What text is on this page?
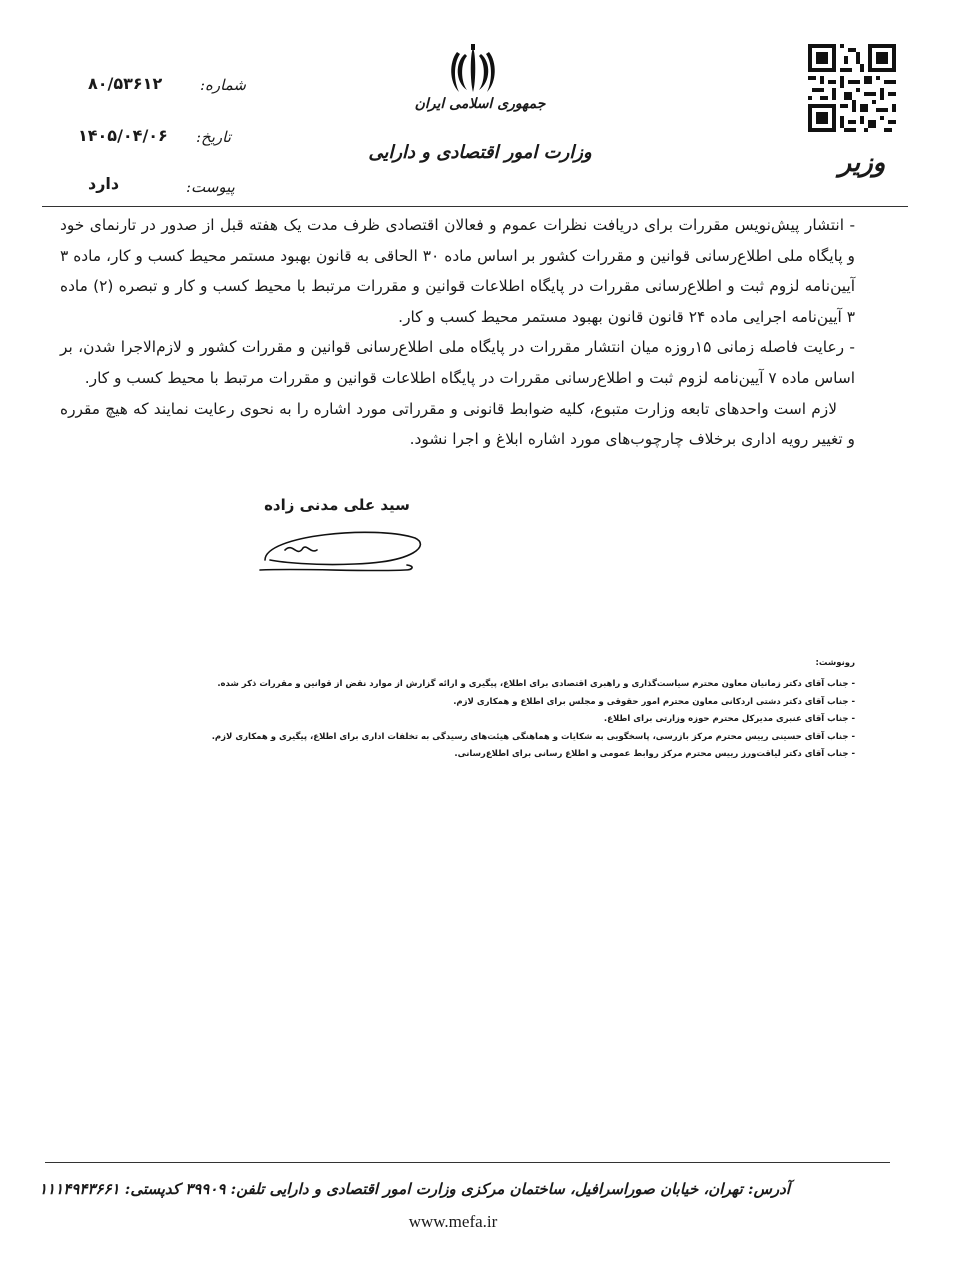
شماره:
۸۰/۵۳۶۱۲
تاریخ:
۱۴۰۵/۰۴/۰۶
پیوست:
دارد
جمهوری اسلامی ایران
وزارت امور اقتصادی و دارایی	وزیر

- انتشار پیش‌نویس مقررات برای دریافت نظرات عموم و فعالان اقتصادی ظرف مدت یک هفته قبل از صدور در تارنمای خود و پایگاه ملی اطلاع‌رسانی قوانین و مقررات کشور بر اساس ماده ۳۰ الحاقی به قانون بهبود مستمر محیط کسب و کار، ماده ۳ آیین‌نامه لزوم ثبت و اطلاع‌رسانی مقررات در پایگاه اطلاعات قوانین و مقررات مرتبط با محیط کسب و کار و تبصره (۲) ماده ۳ آیین‌نامه اجرایی ماده ۲۴ قانون قانون بهبود مستمر محیط کسب و کار.

- رعایت فاصله زمانی ۱۵روزه میان انتشار مقررات در پایگاه ملی اطلاع‌رسانی قوانین و مقررات کشور و لازم‌الاجرا شدن، بر اساس ماده ۷ آیین‌نامه لزوم ثبت و اطلاع‌رسانی مقررات در پایگاه اطلاعات قوانین و مقررات مرتبط با محیط کسب و کار.

لازم است واحدهای تابعه وزارت متبوع، کلیه ضوابط قانونی و مقرراتی مورد اشاره را به نحوی رعایت نمایند که هیچ مقرره و تغییر رویه اداری برخلاف چارچوب‌های مورد اشاره ابلاغ و اجرا نشود.

سید علی مدنی زاده
رونوشت:
- جناب آقای دکتر زمانیان معاون محترم سیاست‌گذاری و راهبری اقتصادی برای اطلاع، پیگیری و ارائه گزارش از موارد نقض از قوانین و مقررات ذکر شده.
- جناب آقای دکتر دشتی اردکانی معاون محترم امور حقوقی و مجلس برای اطلاع و همکاری لازم.
- جناب آقای عنبری مدیرکل محترم حوزه وزارتی برای اطلاع.
- جناب آقای حسینی رییس محترم مرکز بازرسی، پاسخگویی به شکایات و هماهنگی هیئت‌های رسیدگی به تخلفات اداری برای اطلاع، پیگیری و همکاری لازم.
- جناب آقای دکتر لیاقت‌ورز رییس محترم مرکز روابط عمومی و اطلاع رسانی برای اطلاع‌رسانی.
آدرس: تهران، خیابان صوراسرافیل، ساختمان مرکزی وزارت امور اقتصادی و دارایی تلفن: ۳۹۹۰۹ کدپستی: ۱۱۱۴۹۴۳۶۶۱
www.mefa.ir
